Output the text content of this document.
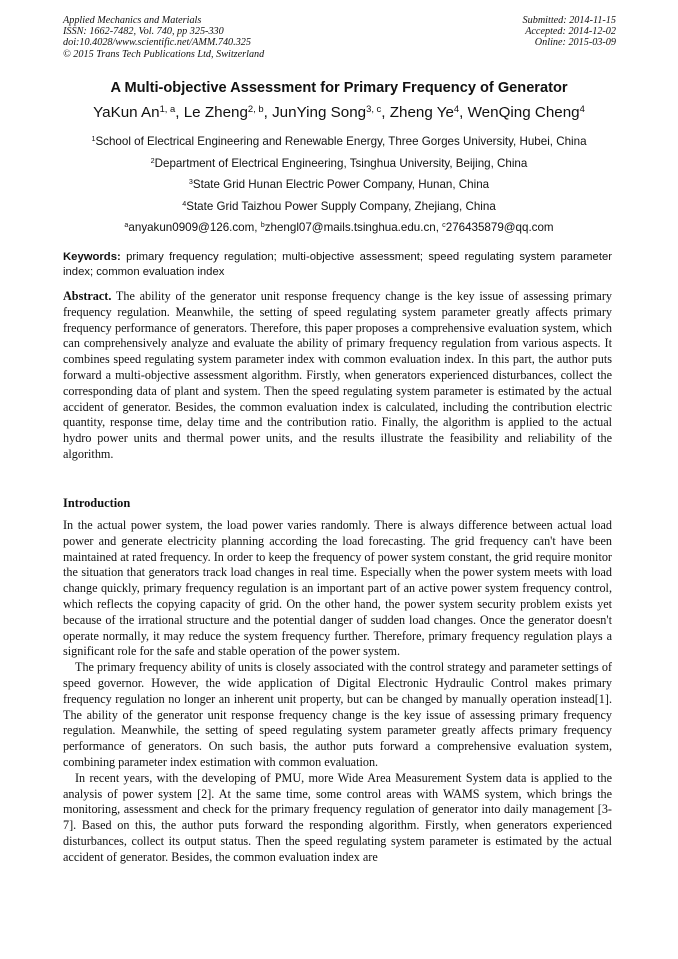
Applied Mechanics and Materials
ISSN: 1662-7482, Vol. 740, pp 325-330
doi:10.4028/www.scientific.net/AMM.740.325
© 2015 Trans Tech Publications Ltd, Switzerland
Submitted: 2014-11-15
Accepted: 2014-12-02
Online: 2015-03-09
A Multi-objective Assessment for Primary Frequency of Generator
YaKun An$^{1, a}$, Le Zheng$^{2, b}$, JunYing Song$^{3, c}$, Zheng Ye$^4$, WenQing Cheng$^4$
$^1$School of Electrical Engineering and Renewable Energy, Three Gorges University, Hubei, China
$^2$Department of Electrical Engineering, Tsinghua University, Beijing, China
$^3$State Grid Hunan Electric Power Company, Hunan, China
$^4$State Grid Taizhou Power Supply Company, Zhejiang, China
$^a$anyakun0909@126.com, $^b$zhengl07@mails.tsinghua.edu.cn, $^c$276435879@qq.com
Keywords: primary frequency regulation; multi-objective assessment; speed regulating system parameter index; common evaluation index
Abstract. The ability of the generator unit response frequency change is the key issue of assessing primary frequency regulation. Meanwhile, the setting of speed regulating system parameter greatly affects primary frequency performance of generators. Therefore, this paper proposes a comprehensive evaluation system, which can comprehensively analyze and evaluate the ability of primary frequency regulation from various aspects. It combines speed regulating system parameter index with common evaluation index. In this part, the author puts forward a multi-objective assessment algorithm. Firstly, when generators experienced disturbances, collect the corresponding data of plant and system. Then the speed regulating system parameter is estimated by the actual accident of generator. Besides, the common evaluation index is calculated, including the contribution electric quantity, response time, delay time and the contribution ratio. Finally, the algorithm is applied to the actual hydro power units and thermal power units, and the results illustrate the feasibility and reliability of the algorithm.
Introduction

In the actual power system, the load power varies randomly. There is always difference between actual load power and generate electricity planning according the load forecasting. The grid frequency can't have been maintained at rated frequency. In order to keep the frequency of power system constant, the grid require monitor the situation that generators track load changes in real time. Especially when the power system meets with load change quickly, primary frequency regulation is an important part of an active power system frequency control, which reflects the copying capacity of grid. On the other hand, the power system security problem exists yet because of the irrational structure and the potential danger of sudden load changes. Once the generator doesn't operate normally, it may reduce the system frequency further. Therefore, primary frequency regulation plays a significant role for the safe and stable operation of the power system.

The primary frequency ability of units is closely associated with the control strategy and parameter settings of speed governor. However, the wide application of Digital Electronic Hydraulic Control makes primary frequency regulation no longer an inherent unit property, but can be changed by manually operation instead[1]. The ability of the generator unit response frequency change is the key issue of assessing primary frequency regulation. Meanwhile, the setting of speed regulating system parameter greatly affects primary frequency performance of generators. On such basis, the author puts forward a comprehensive evaluation system, combining parameter index estimation with common evaluation.

In recent years, with the developing of PMU, more Wide Area Measurement System data is applied to the analysis of power system [2]. At the same time, some control areas with WAMS system, which brings the monitoring, assessment and check for the primary frequency regulation of generator into daily management [3-7]. Based on this, the author puts forward the responding algorithm. Firstly, when generators experienced disturbances, collect its output status. Then the speed regulating system parameter is estimated by the actual accident of generator. Besides, the common evaluation index are
